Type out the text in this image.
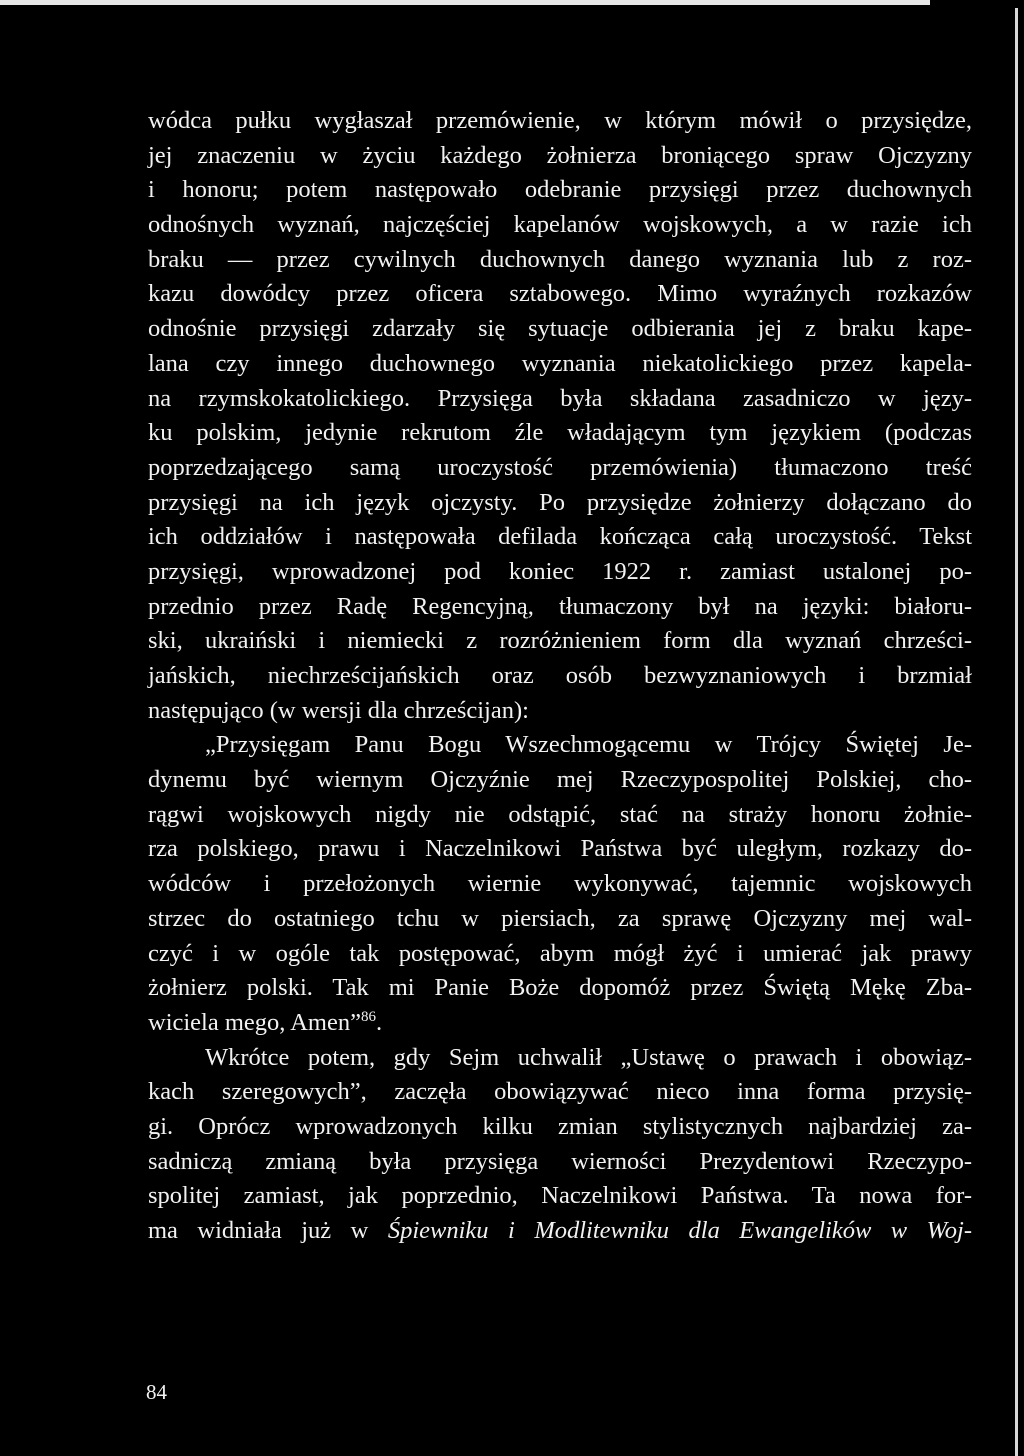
wódca pułku wygłaszał przemówienie, w którym mówił o przysiędze,
jej znaczeniu w życiu każdego żołnierza broniącego spraw Ojczyzny
i honoru; potem następowało odebranie przysięgi przez duchownych
odnośnych wyznań, najczęściej kapelanów wojskowych, a w razie ich
braku — przez cywilnych duchownych danego wyznania lub z roz-
kazu dowódcy przez oficera sztabowego. Mimo wyraźnych rozkazów
odnośnie przysięgi zdarzały się sytuacje odbierania jej z braku kape-
lana czy innego duchownego wyznania niekatolickiego przez kapela-
na rzymskokatolickiego. Przysięga była składana zasadniczo w języ-
ku polskim, jedynie rekrutom źle władającym tym językiem (podczas
poprzedzającego samą uroczystość przemówienia) tłumaczono treść
przysięgi na ich język ojczysty. Po przysiędze żołnierzy dołączano do
ich oddziałów i następowała defilada kończąca całą uroczystość. Tekst
przysięgi, wprowadzonej pod koniec 1922 r. zamiast ustalonej po-
przednio przez Radę Regencyjną, tłumaczony był na języki: białoru-
ski, ukraiński i niemiecki z rozróżnieniem form dla wyznań chrześci-
jańskich, niechrześcijańskich oraz osób bezwyznaniowych i brzmiał
następująco (w wersji dla chrześcijan):
„Przysięgam Panu Bogu Wszechmogącemu w Trójcy Świętej Je-
dynemu być wiernym Ojczyźnie mej Rzeczypospolitej Polskiej, cho-
rągwi wojskowych nigdy nie odstąpić, stać na straży honoru żołnie-
rza polskiego, prawu i Naczelnikowi Państwa być uległym, rozkazy do-
wódców i przełożonych wiernie wykonywać, tajemnic wojskowych
strzec do ostatniego tchu w piersiach, za sprawę Ojczyzny mej wal-
czyć i w ogóle tak postępować, abym mógł żyć i umierać jak prawy
żołnierz polski. Tak mi Panie Boże dopomóż przez Świętą Mękę Zba-
wiciela mego, Amen”$^{86}$.
Wkrótce potem, gdy Sejm uchwalił „Ustawę o prawach i obowiąz-
kach szeregowych”, zaczęła obowiązywać nieco inna forma przysię-
gi. Oprócz wprowadzonych kilku zmian stylistycznych najbardziej za-
sadniczą zmianą była przysięga wierności Prezydentowi Rzeczypo-
spolitej zamiast, jak poprzednio, Naczelnikowi Państwa. Ta nowa for-
ma widniała już w Śpiewniku i Modlitewniku dla Ewangelików w Woj-
84
